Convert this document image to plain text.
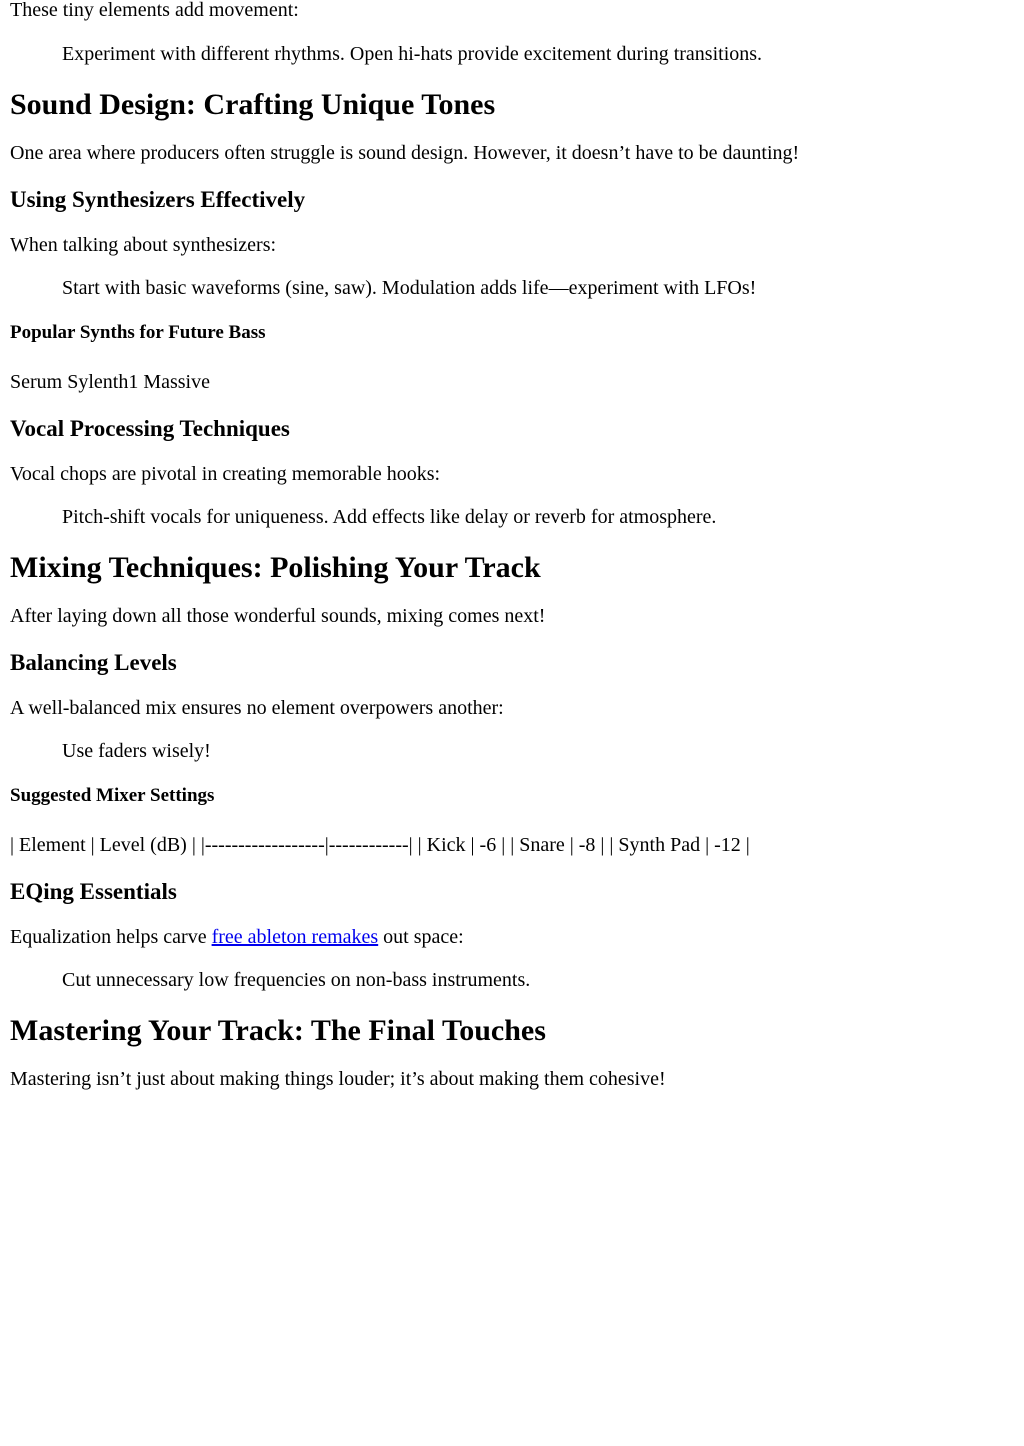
These tiny elements add movement:

Experiment with different rhythms. Open hi-hats provide excitement during transitions.

Sound Design: Crafting Unique Tones

One area where producers often struggle is sound design. However, it doesn’t have to be daunting!

Using Synthesizers Effectively

When talking about synthesizers:

Start with basic waveforms (sine, saw). Modulation adds life—experiment with LFOs!

Popular Synths for Future Bass

Serum Sylenth1 Massive

Vocal Processing Techniques

Vocal chops are pivotal in creating memorable hooks:

Pitch-shift vocals for uniqueness. Add effects like delay or reverb for atmosphere.

Mixing Techniques: Polishing Your Track

After laying down all those wonderful sounds, mixing comes next!

Balancing Levels

A well-balanced mix ensures no element overpowers another:

Use faders wisely!

Suggested Mixer Settings

| Element | Level (dB) | |------------------|------------| | Kick | -6 | | Snare | -8 | | Synth Pad | -12 |

EQing Essentials

Equalization helps carve free ableton remakes out space:

Cut unnecessary low frequencies on non-bass instruments.

Mastering Your Track: The Final Touches

Mastering isn’t just about making things louder; it’s about making them cohesive!
